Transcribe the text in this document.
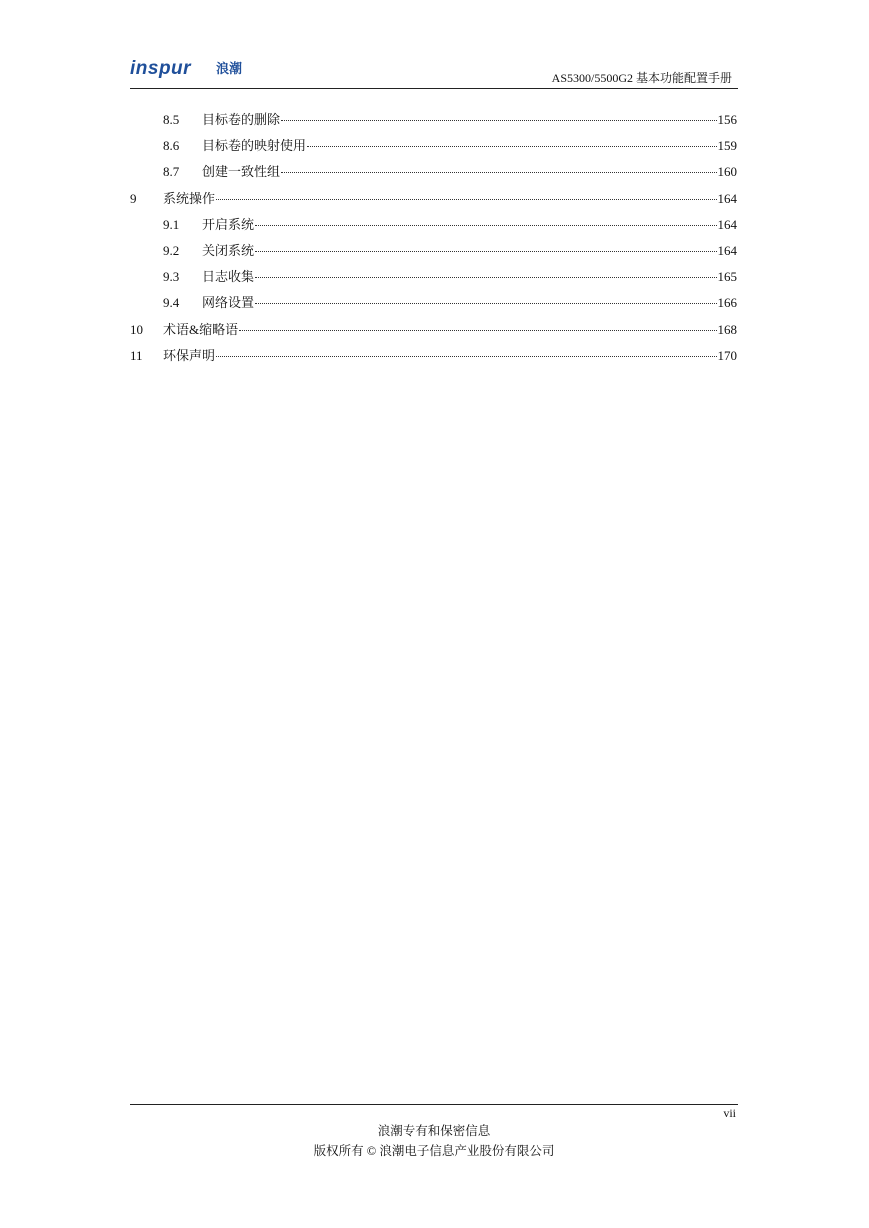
inspur 浪潮
AS5300/5500G2 基本功能配置手册
8.5	目标卷的删除	156
8.6	目标卷的映射使用	159
8.7	创建一致性组	160
9	系统操作	164
9.1	开启系统	164
9.2	关闭系统	164
9.3	日志收集	165
9.4	网络设置	166
10	术语&缩略语	168
11	环保声明	170
vii
浪潮专有和保密信息
版权所有 © 浪潮电子信息产业股份有限公司
